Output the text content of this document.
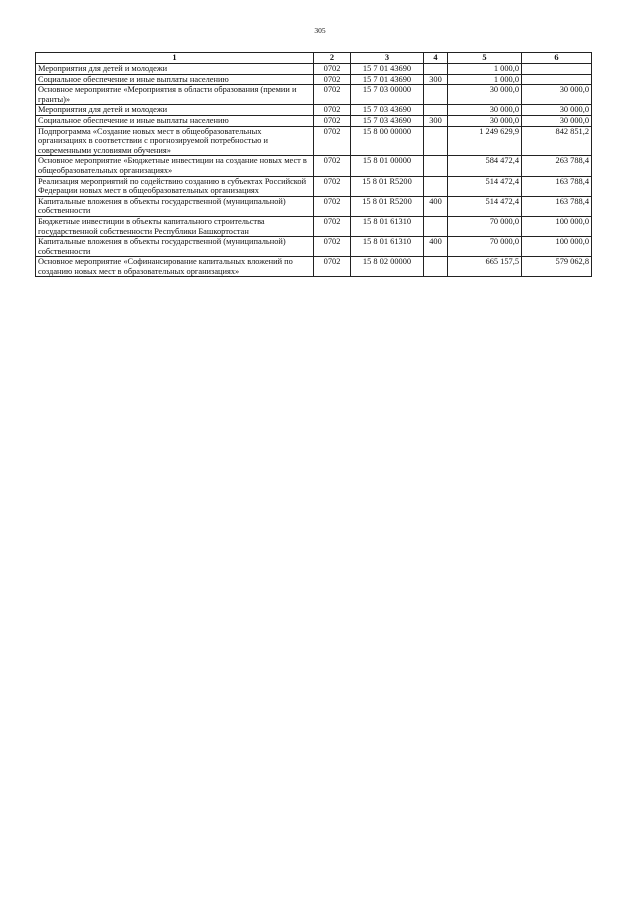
305
1	2	3	4	5	6
Мероприятия для детей и молодежи	0702	15 7 01 43690		1 000,0	
Социальное обеспечение и иные выплаты населению	0702	15 7 01 43690	300	1 000,0	
Основное мероприятие «Мероприятия в области образования (премии и гранты)»	0702	15 7 03 00000		30 000,0	30 000,0
Мероприятия для детей и молодежи	0702	15 7 03 43690		30 000,0	30 000,0
Социальное обеспечение и иные выплаты населению	0702	15 7 03 43690	300	30 000,0	30 000,0
Подпрограмма «Создание новых мест в общеобразовательных организациях в соответствии с прогнозируемой потребностью и современными условиями обучения»	0702	15 8 00 00000		1 249 629,9	842 851,2
Основное мероприятие «Бюджетные инвестиции на создание новых мест в общеобразовательных организациях»	0702	15 8 01 00000		584 472,4	263 788,4
Реализация мероприятий по содействию созданию в субъектах Российской Федерации новых мест в общеобразовательных организациях	0702	15 8 01 R5200		514 472,4	163 788,4
Капитальные вложения в объекты государственной (муниципальной) собственности	0702	15 8 01 R5200	400	514 472,4	163 788,4
Бюджетные инвестиции в объекты капитального строительства государственной собственности Республики Башкортостан	0702	15 8 01 61310		70 000,0	100 000,0
Капитальные вложения в объекты государственной (муниципальной) собственности	0702	15 8 01 61310	400	70 000,0	100 000,0
Основное мероприятие «Софинансирование капитальных вложений по созданию новых мест в образовательных организациях»	0702	15 8 02 00000		665 157,5	579 062,8
